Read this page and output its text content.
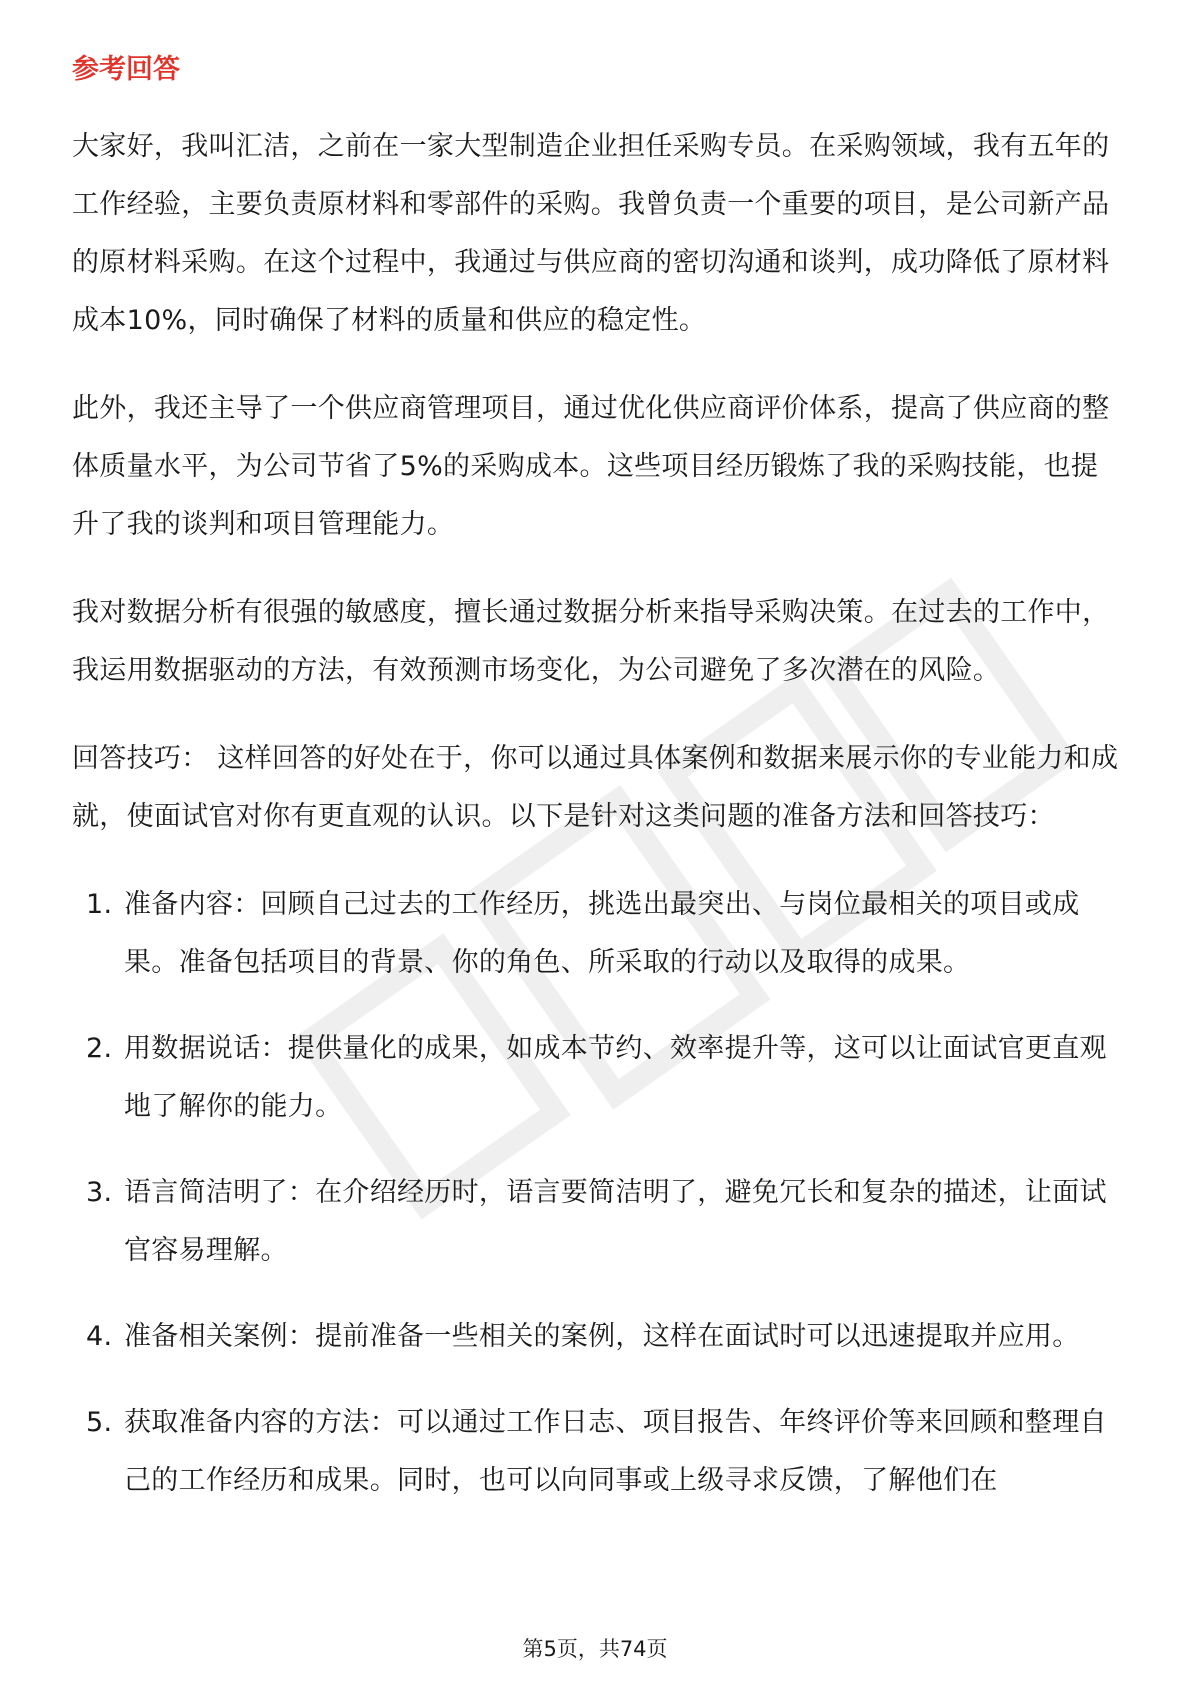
参考回答

大家好，我叫汇洁，之前在一家大型制造企业担任采购专员。在采购领域，我有五年的工作经验，主要负责原材料和零部件的采购。我曾负责一个重要的项目，是公司新产品的原材料采购。在这个过程中，我通过与供应商的密切沟通和谈判，成功降低了原材料成本10%，同时确保了材料的质量和供应的稳定性。

此外，我还主导了一个供应商管理项目，通过优化供应商评价体系，提高了供应商的整体质量水平，为公司节省了5%的采购成本。这些项目经历锻炼了我的采购技能，也提升了我的谈判和项目管理能力。

我对数据分析有很强的敏感度，擅长通过数据分析来指导采购决策。在过去的工作中，我运用数据驱动的方法，有效预测市场变化，为公司避免了多次潜在的风险。

回答技巧： 这样回答的好处在于，你可以通过具体案例和数据来展示你的专业能力和成就，使面试官对你有更直观的认识。以下是针对这类问题的准备方法和回答技巧：

1. 准备内容：回顾自己过去的工作经历，挑选出最突出、与岗位最相关的项目或成果。准备包括项目的背景、你的角色、所采取的行动以及取得的成果。
2. 用数据说话：提供量化的成果，如成本节约、效率提升等，这可以让面试官更直观地了解你的能力。
3. 语言简洁明了：在介绍经历时，语言要简洁明了，避免冗长和复杂的描述，让面试官容易理解。
4. 准备相关案例：提前准备一些相关的案例，这样在面试时可以迅速提取并应用。
5. 获取准备内容的方法：可以通过工作日志、项目报告、年终评价等来回顾和整理自己的工作经历和成果。同时，也可以向同事或上级寻求反馈，了解他们在
第5页，共74页
